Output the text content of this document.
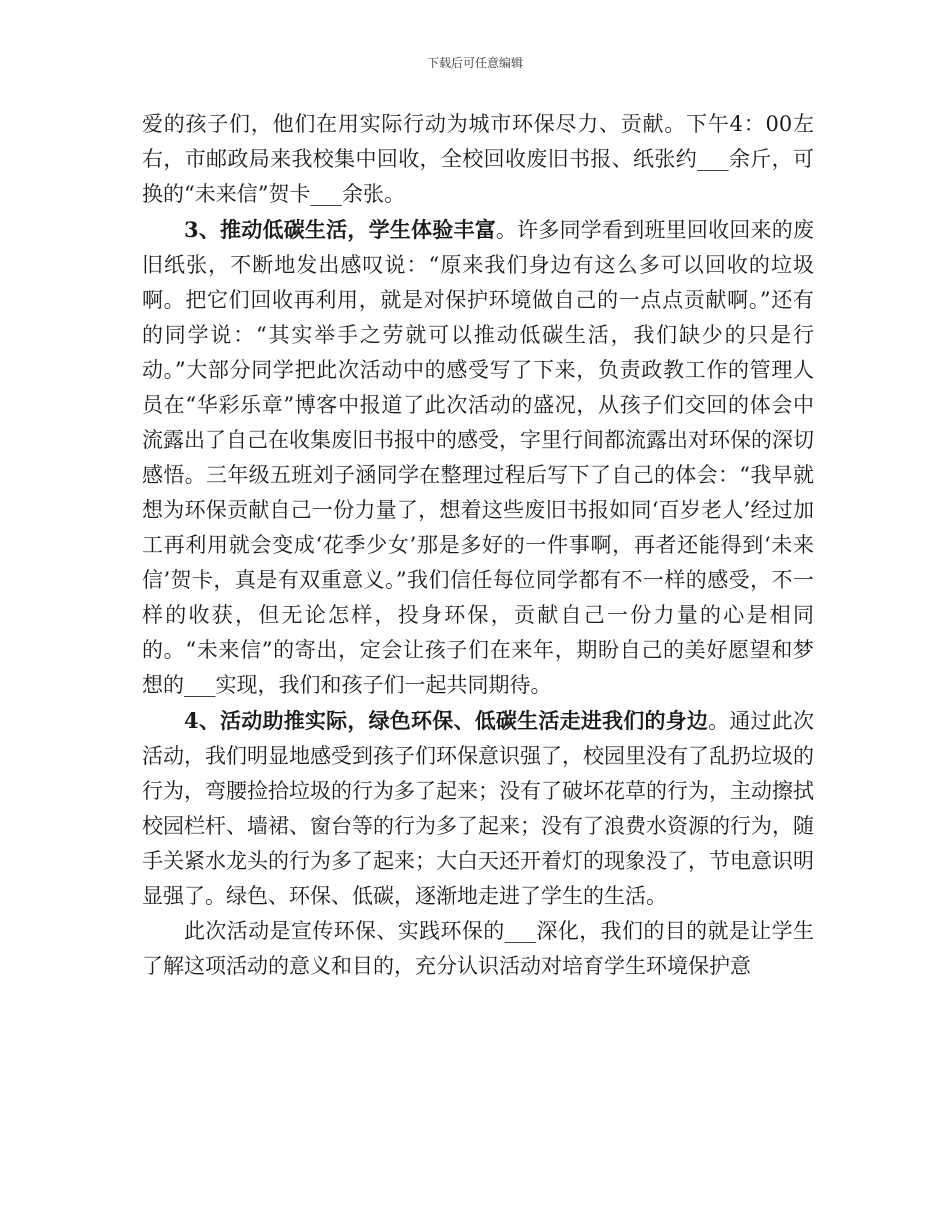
下载后可任意编辑

爱的孩子们，他们在用实际行动为城市环保尽力、贡献。下午4：00左右，市邮政局来我校集中回收，全校回收废旧书报、纸张约___余斤，可换的“未来信”贺卡___余张。

3、推动低碳生活，学生体验丰富。许多同学看到班里回收回来的废旧纸张，不断地发出感叹说：“原来我们身边有这么多可以回收的垃圾啊。把它们回收再利用，就是对保护环境做自己的一点点贡献啊。”还有的同学说：“其实举手之劳就可以推动低碳生活，我们缺少的只是行动。”大部分同学把此次活动中的感受写了下来，负责政教工作的管理人员在“华彩乐章”博客中报道了此次活动的盛况，从孩子们交回的体会中流露出了自己在收集废旧书报中的感受，字里行间都流露出对环保的深切感悟。三年级五班刘子涵同学在整理过程后写下了自己的体会：“我早就想为环保贡献自己一份力量了，想着这些废旧书报如同‘百岁老人’经过加工再利用就会变成‘花季少女’那是多好的一件事啊，再者还能得到‘未来信’贺卡，真是有双重意义。”我们信任每位同学都有不一样的感受，不一样的收获，但无论怎样，投身环保，贡献自己一份力量的心是相同的。“未来信”的寄出，定会让孩子们在来年，期盼自己的美好愿望和梦想的___实现，我们和孩子们一起共同期待。

4、活动助推实际，绿色环保、低碳生活走进我们的身边。通过此次活动，我们明显地感受到孩子们环保意识强了，校园里没有了乱扔垃圾的行为，弯腰捡拾垃圾的行为多了起来；没有了破坏花草的行为，主动擦拭校园栏杆、墙裙、窗台等的行为多了起来；没有了浪费水资源的行为，随手关紧水龙头的行为多了起来；大白天还开着灯的现象没了，节电意识明显强了。绿色、环保、低碳，逐渐地走进了学生的生活。

此次活动是宣传环保、实践环保的___深化，我们的目的就是让学生了解这项活动的意义和目的，充分认识活动对培育学生环境保护意
